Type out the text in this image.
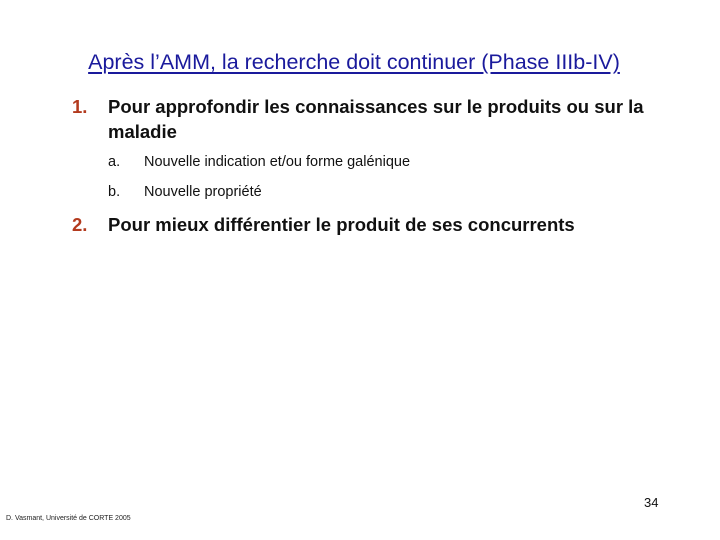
Après l’AMM, la recherche doit continuer (Phase IIIb-IV)
1. Pour approfondir les connaissances sur le produits ou sur la maladie
a. Nouvelle indication et/ou forme galénique
b. Nouvelle propriété
2. Pour mieux différentier le produit de ses concurrents
34
D. Vasmant, Université de CORTE 2005
